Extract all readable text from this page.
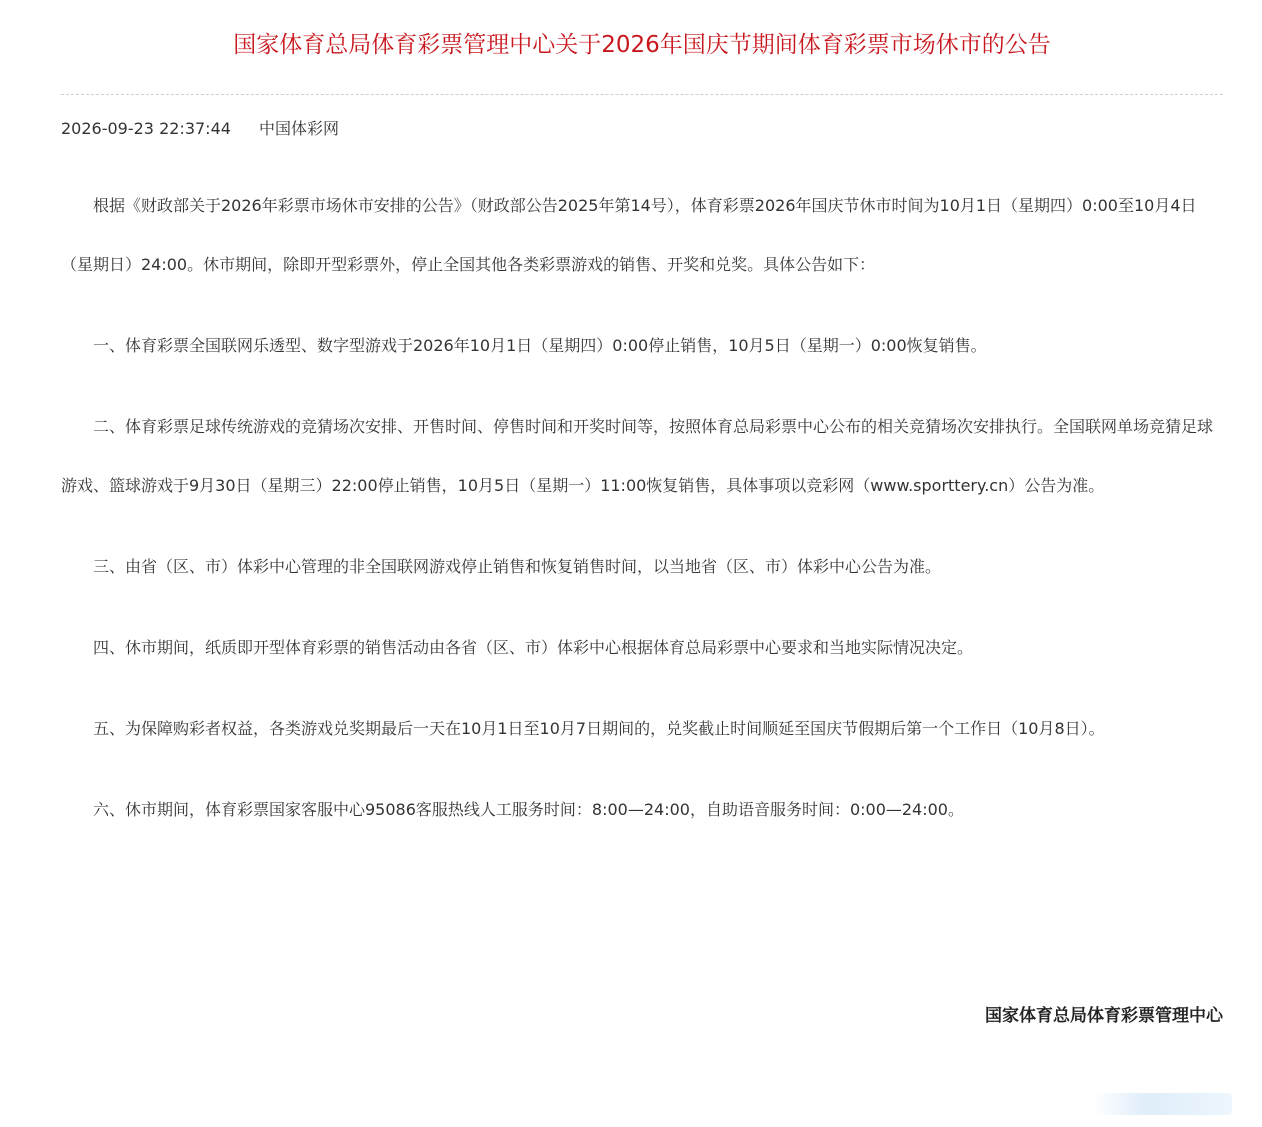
国家体育总局体育彩票管理中心关于2026年国庆节期间体育彩票市场休市的公告
2026-09-23 22:37:44 中国体彩网

根据《财政部关于2026年彩票市场休市安排的公告》（财政部公告2025年第14号），体育彩票2026年国庆节休市时间为10月1日（星期四）0:00至10月4日（星期日）24:00。休市期间，除即开型彩票外，停止全国其他各类彩票游戏的销售、开奖和兑奖。具体公告如下：

一、体育彩票全国联网乐透型、数字型游戏于2026年10月1日（星期四）0:00停止销售，10月5日（星期一）0:00恢复销售。

二、体育彩票足球传统游戏的竞猜场次安排、开售时间、停售时间和开奖时间等，按照体育总局彩票中心公布的相关竞猜场次安排执行。全国联网单场竞猜足球游戏、篮球游戏于9月30日（星期三）22:00停止销售，10月5日（星期一）11:00恢复销售，具体事项以竞彩网（www.sporttery.cn）公告为准。

三、由省（区、市）体彩中心管理的非全国联网游戏停止销售和恢复销售时间，以当地省（区、市）体彩中心公告为准。

四、休市期间，纸质即开型体育彩票的销售活动由各省（区、市）体彩中心根据体育总局彩票中心要求和当地实际情况决定。

五、为保障购彩者权益，各类游戏兑奖期最后一天在10月1日至10月7日期间的，兑奖截止时间顺延至国庆节假期后第一个工作日（10月8日）。

六、休市期间，体育彩票国家客服中心95086客服热线人工服务时间：8:00—24:00，自助语音服务时间：0:00—24:00。

国家体育总局体育彩票管理中心
